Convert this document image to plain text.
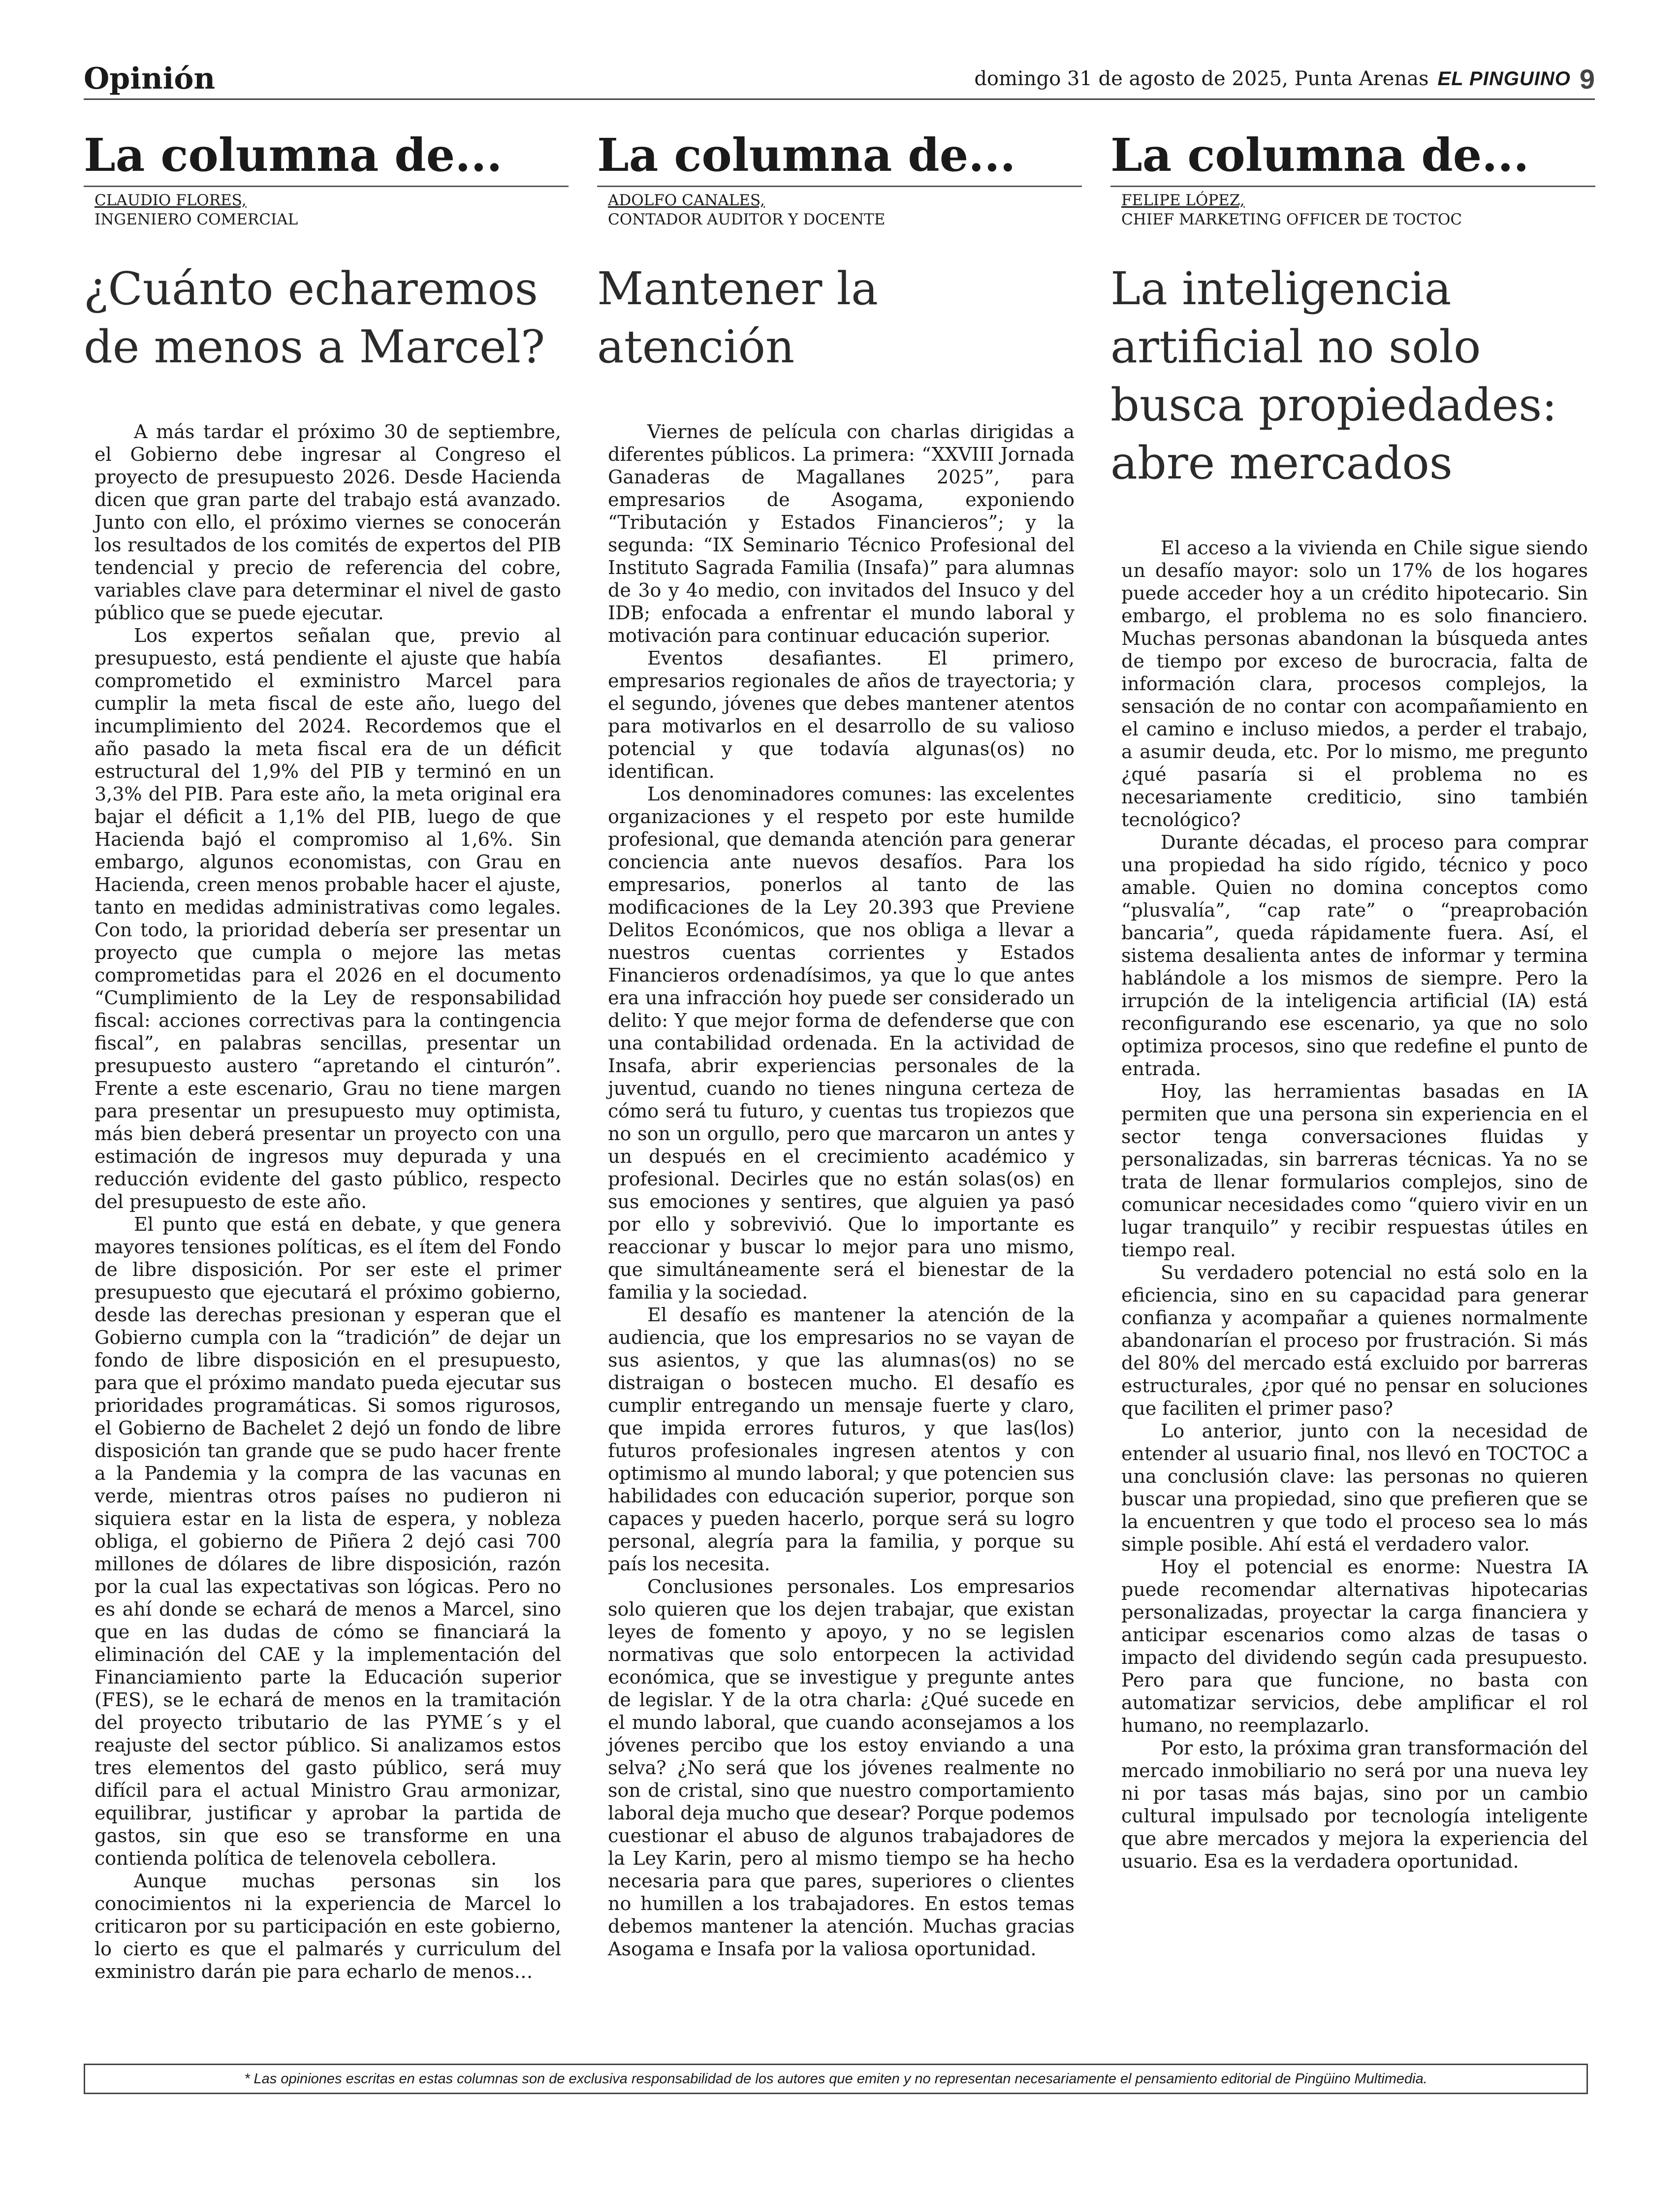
Opinión	domingo 31 de agosto de 2025, Punta Arenas EL PINGUINO 9
La columna de...
CLAUDIO FLORES,
INGENIERO COMERCIAL
¿Cuánto echaremos de menos a Marcel?

A más tardar el próximo 30 de septiembre, el Gobierno debe ingresar al Congreso el proyecto de presupuesto 2026. Desde Hacienda dicen que gran parte del trabajo está avanzado. Junto con ello, el próximo viernes se conocerán los resultados de los comités de expertos del PIB tendencial y precio de referencia del cobre, variables clave para determinar el nivel de gasto público que se puede ejecutar.

Los expertos señalan que, previo al presupuesto, está pendiente el ajuste que había comprometido el exministro Marcel para cumplir la meta fiscal de este año, luego del incumplimiento del 2024. Recordemos que el año pasado la meta fiscal era de un déficit estructural del 1,9% del PIB y terminó en un 3,3% del PIB. Para este año, la meta original era bajar el déficit a 1,1% del PIB, luego de que Hacienda bajó el compromiso al 1,6%. Sin embargo, algunos economistas, con Grau en Hacienda, creen menos probable hacer el ajuste, tanto en medidas administrativas como legales. Con todo, la prioridad debería ser presentar un proyecto que cumpla o mejore las metas comprometidas para el 2026 en el documento “Cumplimiento de la Ley de responsabilidad fiscal: acciones correctivas para la contingencia fiscal”, en palabras sencillas, presentar un presupuesto austero “apretando el cinturón”. Frente a este escenario, Grau no tiene margen para presentar un presupuesto muy optimista, más bien deberá presentar un proyecto con una estimación de ingresos muy depurada y una reducción evidente del gasto público, respecto del presupuesto de este año.

El punto que está en debate, y que genera mayores tensiones políticas, es el ítem del Fondo de libre disposición. Por ser este el primer presupuesto que ejecutará el próximo gobierno, desde las derechas presionan y esperan que el Gobierno cumpla con la “tradición” de dejar un fondo de libre disposición en el presupuesto, para que el próximo mandato pueda ejecutar sus prioridades programáticas. Si somos rigurosos, el Gobierno de Bachelet 2 dejó un fondo de libre disposición tan grande que se pudo hacer frente a la Pandemia y la compra de las vacunas en verde, mientras otros países no pudieron ni siquiera estar en la lista de espera, y nobleza obliga, el gobierno de Piñera 2 dejó casi 700 millones de dólares de libre disposición, razón por la cual las expectativas son lógicas. Pero no es ahí donde se echará de menos a Marcel, sino que en las dudas de cómo se financiará la eliminación del CAE y la implementación del Financiamiento parte la Educación superior (FES), se le echará de menos en la tramitación del proyecto tributario de las PYME´s y el reajuste del sector público. Si analizamos estos tres elementos del gasto público, será muy difícil para el actual Ministro Grau armonizar, equilibrar, justificar y aprobar la partida de gastos, sin que eso se transforme en una contienda política de telenovela cebollera.

Aunque muchas personas sin los conocimientos ni la experiencia de Marcel lo criticaron por su participación en este gobierno, lo cierto es que el palmarés y curriculum del exministro darán pie para echarlo de menos…

La columna de...
ADOLFO CANALES,
CONTADOR AUDITOR Y DOCENTE
Mantener la atención

Viernes de película con charlas dirigidas a diferentes públicos. La primera: “XXVIII Jornada Ganaderas de Magallanes 2025”, para empresarios de Asogama, exponiendo “Tributación y Estados Financieros”; y la segunda: “IX Seminario Técnico Profesional del Instituto Sagrada Familia (Insafa)” para alumnas de 3o y 4o medio, con invitados del Insuco y del IDB; enfocada a enfrentar el mundo laboral y motivación para continuar educación superior.

Eventos desafiantes. El primero, empresarios regionales de años de trayectoria; y el segundo, jóvenes que debes mantener atentos para motivarlos en el desarrollo de su valioso potencial y que todavía algunas(os) no identifican.

Los denominadores comunes: las excelentes organizaciones y el respeto por este humilde profesional, que demanda atención para generar conciencia ante nuevos desafíos. Para los empresarios, ponerlos al tanto de las modificaciones de la Ley 20.393 que Previene Delitos Económicos, que nos obliga a llevar a nuestros cuentas corrientes y Estados Financieros ordenadísimos, ya que lo que antes era una infracción hoy puede ser considerado un delito: Y que mejor forma de defenderse que con una contabilidad ordenada. En la actividad de Insafa, abrir experiencias personales de la juventud, cuando no tienes ninguna certeza de cómo será tu futuro, y cuentas tus tropiezos que no son un orgullo, pero que marcaron un antes y un después en el crecimiento académico y profesional. Decirles que no están solas(os) en sus emociones y sentires, que alguien ya pasó por ello y sobrevivió. Que lo importante es reaccionar y buscar lo mejor para uno mismo, que simultáneamente será el bienestar de la familia y la sociedad.

El desafío es mantener la atención de la audiencia, que los empresarios no se vayan de sus asientos, y que las alumnas(os) no se distraigan o bostecen mucho. El desafío es cumplir entregando un mensaje fuerte y claro, que impida errores futuros, y que las(los) futuros profesionales ingresen atentos y con optimismo al mundo laboral; y que potencien sus habilidades con educación superior, porque son capaces y pueden hacerlo, porque será su logro personal, alegría para la familia, y porque su país los necesita.

Conclusiones personales. Los empresarios solo quieren que los dejen trabajar, que existan leyes de fomento y apoyo, y no se legislen normativas que solo entorpecen la actividad económica, que se investigue y pregunte antes de legislar. Y de la otra charla: ¿Qué sucede en el mundo laboral, que cuando aconsejamos a los jóvenes percibo que los estoy enviando a una selva? ¿No será que los jóvenes realmente no son de cristal, sino que nuestro comportamiento laboral deja mucho que desear? Porque podemos cuestionar el abuso de algunos trabajadores de la Ley Karin, pero al mismo tiempo se ha hecho necesaria para que pares, superiores o clientes no humillen a los trabajadores. En estos temas debemos mantener la atención. Muchas gracias Asogama e Insafa por la valiosa oportunidad.

La columna de...
FELIPE LÓPEZ,
CHIEF MARKETING OFFICER DE TOCTOC
La inteligencia artificial no solo busca propiedades: abre mercados

El acceso a la vivienda en Chile sigue siendo un desafío mayor: solo un 17% de los hogares puede acceder hoy a un crédito hipotecario. Sin embargo, el problema no es solo financiero. Muchas personas abandonan la búsqueda antes de tiempo por exceso de burocracia, falta de información clara, procesos complejos, la sensación de no contar con acompañamiento en el camino e incluso miedos, a perder el trabajo, a asumir deuda, etc. Por lo mismo, me pregunto ¿qué pasaría si el problema no es necesariamente crediticio, sino también tecnológico?

Durante décadas, el proceso para comprar una propiedad ha sido rígido, técnico y poco amable. Quien no domina conceptos como “plusvalía”, “cap rate” o “preaprobación bancaria”, queda rápidamente fuera. Así, el sistema desalienta antes de informar y termina hablándole a los mismos de siempre. Pero la irrupción de la inteligencia artificial (IA) está reconfigurando ese escenario, ya que no solo optimiza procesos, sino que redefine el punto de entrada.

Hoy, las herramientas basadas en IA permiten que una persona sin experiencia en el sector tenga conversaciones fluidas y personalizadas, sin barreras técnicas. Ya no se trata de llenar formularios complejos, sino de comunicar necesidades como “quiero vivir en un lugar tranquilo” y recibir respuestas útiles en tiempo real.

Su verdadero potencial no está solo en la eficiencia, sino en su capacidad para generar confianza y acompañar a quienes normalmente abandonarían el proceso por frustración. Si más del 80% del mercado está excluido por barreras estructurales, ¿por qué no pensar en soluciones que faciliten el primer paso?

Lo anterior, junto con la necesidad de entender al usuario final, nos llevó en TOCTOC a una conclusión clave: las personas no quieren buscar una propiedad, sino que prefieren que se la encuentren y que todo el proceso sea lo más simple posible. Ahí está el verdadero valor.

Hoy el potencial es enorme: Nuestra IA puede recomendar alternativas hipotecarias personalizadas, proyectar la carga financiera y anticipar escenarios como alzas de tasas o impacto del dividendo según cada presupuesto. Pero para que funcione, no basta con automatizar servicios, debe amplificar el rol humano, no reemplazarlo.

Por esto, la próxima gran transformación del mercado inmobiliario no será por una nueva ley ni por tasas más bajas, sino por un cambio cultural impulsado por tecnología inteligente que abre mercados y mejora la experiencia del usuario. Esa es la verdadera oportunidad.

* Las opiniones escritas en estas columnas son de exclusiva responsabilidad de los autores que emiten y no representan necesariamente el pensamiento editorial de Pingüino Multimedia.
